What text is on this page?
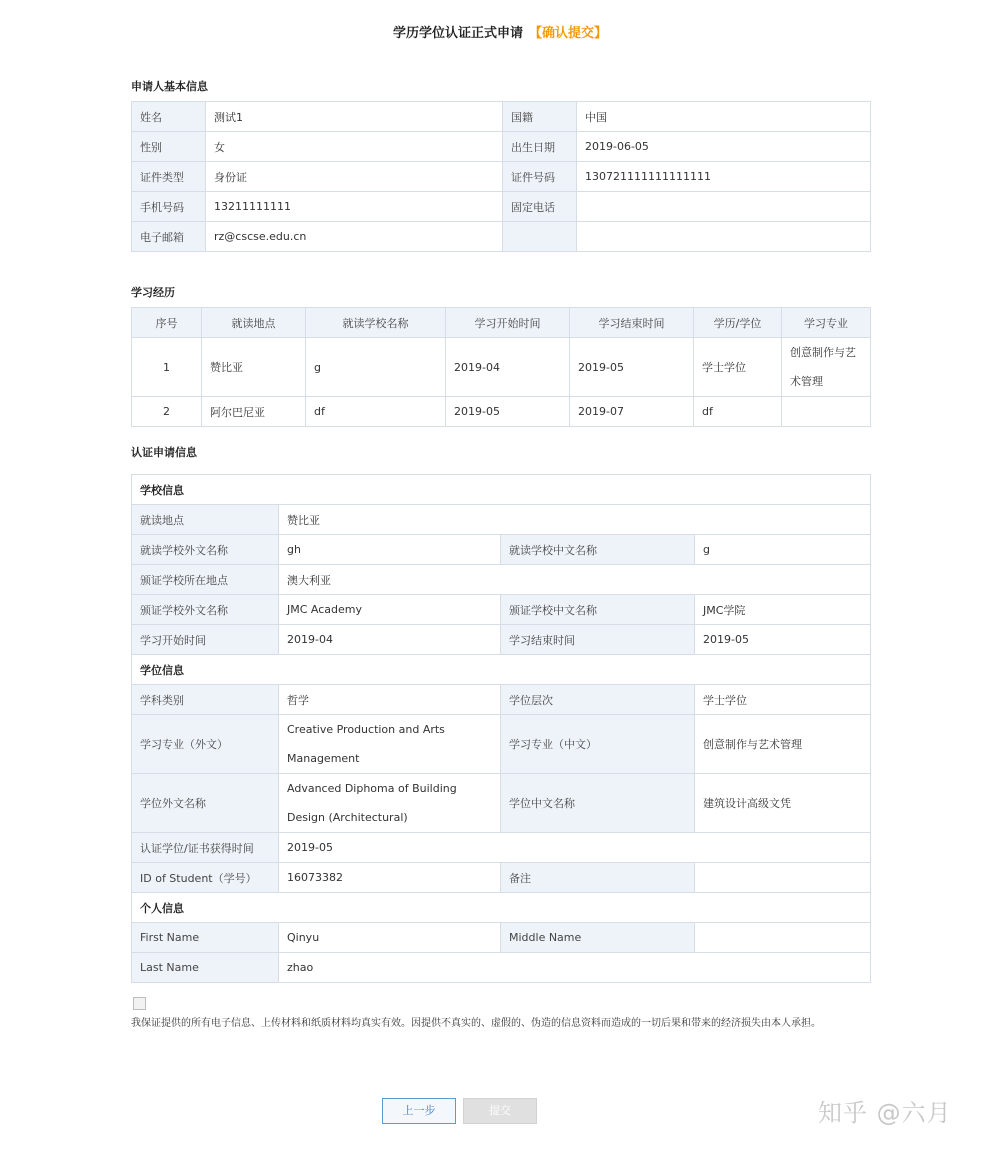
学历学位认证正式申请 【确认提交】
申请人基本信息
姓名	测试1	国籍	中国
性别	女	出生日期	2019-06-05
证件类型	身份证	证件号码	130721111111111111
手机号码	13211111111	固定电话	
电子邮箱	rz@cscse.edu.cn		
学习经历
序号	就读地点	就读学校名称	学习开始时间	学习结束时间	学历/学位	学习专业
1	赞比亚	g	2019-04	2019-05	学士学位	创意制作与艺术管理
2	阿尔巴尼亚	df	2019-05	2019-07	df	
认证申请信息
学校信息			
就读地点	赞比亚		
就读学校外文名称	gh	就读学校中文名称	g
颁证学校所在地点	澳大利亚		
颁证学校外文名称	JMC Academy	颁证学校中文名称	JMC学院
学习开始时间	2019-04	学习结束时间	2019-05
学位信息			
学科类别	哲学	学位层次	学士学位
学习专业（外文）	Creative Production and Arts Management	学习专业（中文）	创意制作与艺术管理
学位外文名称	Advanced Diphoma of Building Design (Architectural)	学位中文名称	建筑设计高级文凭
认证学位/证书获得时间	2019-05		
ID of Student（学号）	16073382	备注	
个人信息			
First Name	Qinyu	Middle Name	
Last Name	zhao		
我保证提供的所有电子信息、上传材料和纸质材料均真实有效。因提供不真实的、虚假的、伪造的信息资料而造成的一切后果和带来的经济损失由本人承担。
上一步	提交	知乎 @六月
